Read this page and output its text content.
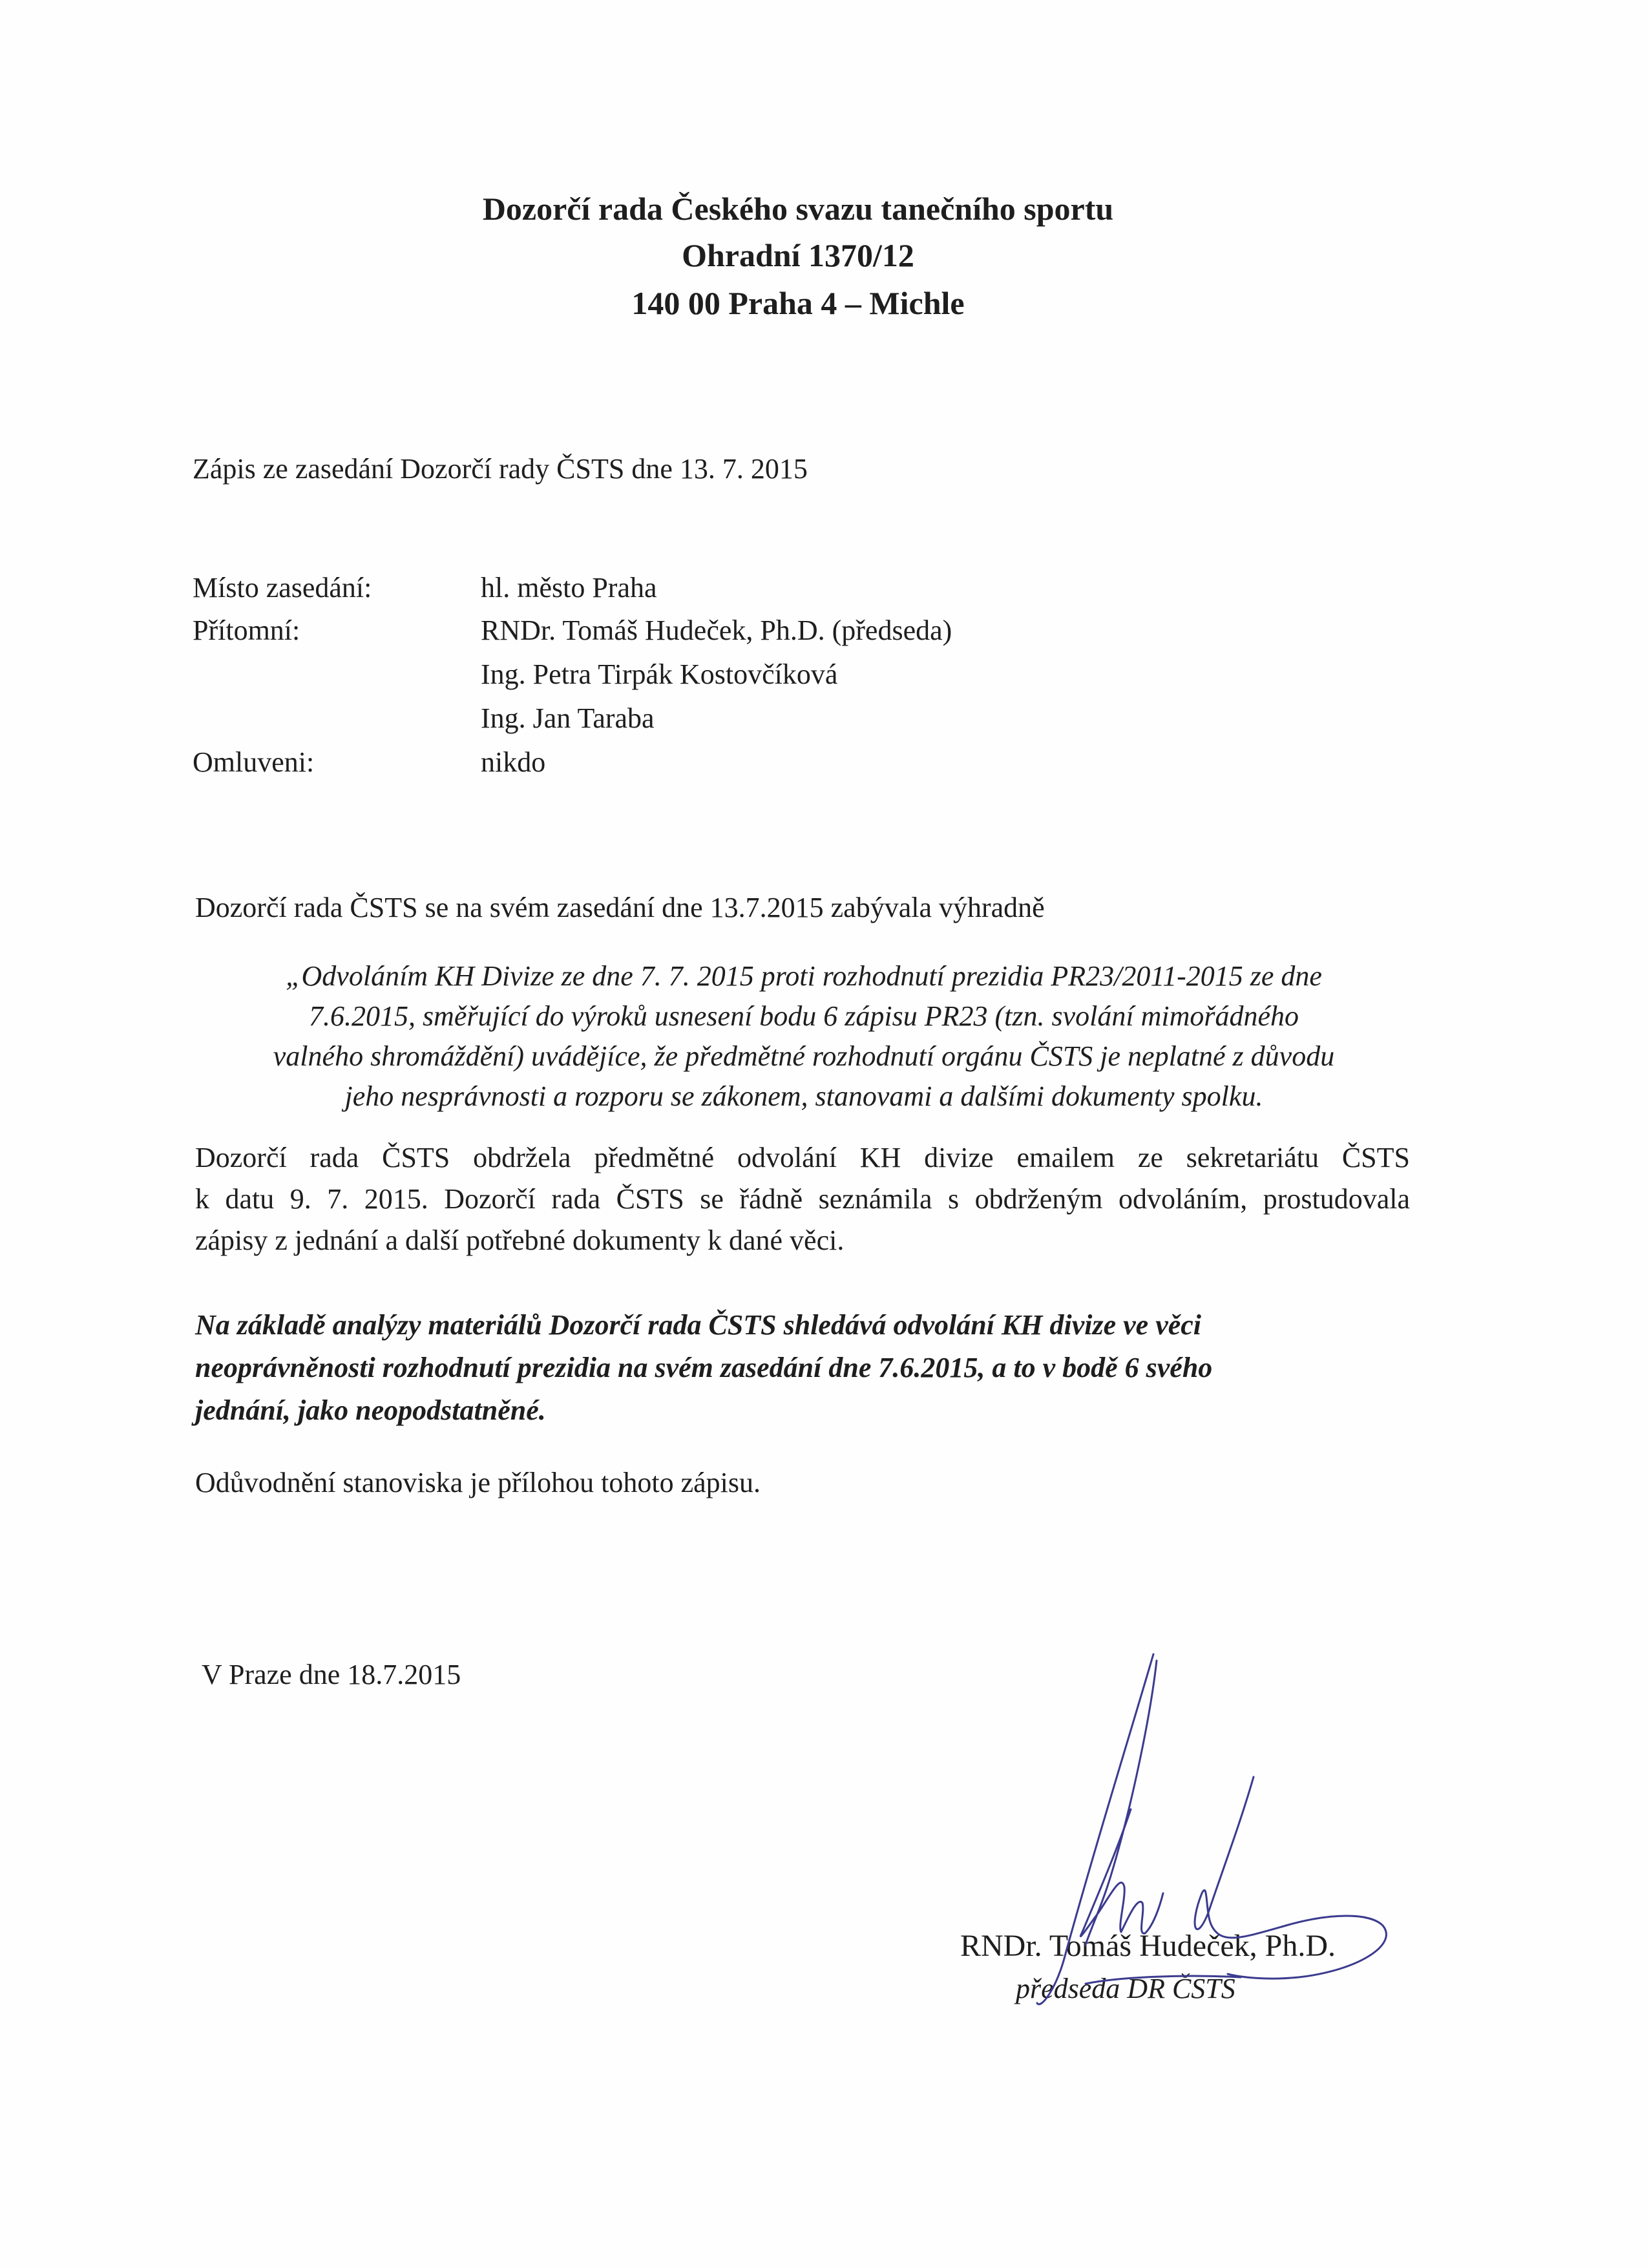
Dozorčí rada Českého svazu tanečního sportu
Ohradní 1370/12
140 00 Praha 4 – Michle
Zápis ze zasedání Dozorčí rady ČSTS dne 13. 7. 2015
Místo zasedání:	hl. město Praha
Přítomní:	RNDr. Tomáš Hudeček, Ph.D. (předseda)
Ing. Petra Tirpák Kostovčíková
Ing. Jan Taraba
Omluveni:	nikdo
Dozorčí rada ČSTS se na svém zasedání dne 13.7.2015 zabývala výhradně
„Odvoláním KH Divize ze dne 7. 7. 2015 proti rozhodnutí prezidia PR23/2011-2015 ze dne
7.6.2015, směřující do výroků usnesení bodu 6 zápisu PR23 (tzn. svolání mimořádného
valného shromáždění) uvádějíce, že předmětné rozhodnutí orgánu ČSTS je neplatné z důvodu
jeho nesprávnosti a rozporu se zákonem, stanovami a dalšími dokumenty spolku.
Dozorčí rada ČSTS obdržela předmětné odvolání KH divize emailem ze sekretariátu ČSTS
k datu 9. 7. 2015. Dozorčí rada ČSTS se řádně seznámila s obdrženým odvoláním, prostudovala
zápisy z jednání a další potřebné dokumenty k dané věci.
Na základě analýzy materiálů Dozorčí rada ČSTS shledává odvolání KH divize ve věci
neoprávněnosti rozhodnutí prezidia na svém zasedání dne 7.6.2015, a to v bodě 6 svého
jednání, jako neopodstatněné.
Odůvodnění stanoviska je přílohou tohoto zápisu.
V Praze dne 18.7.2015
RNDr. Tomáš Hudeček, Ph.D.
předseda DR ČSTS
